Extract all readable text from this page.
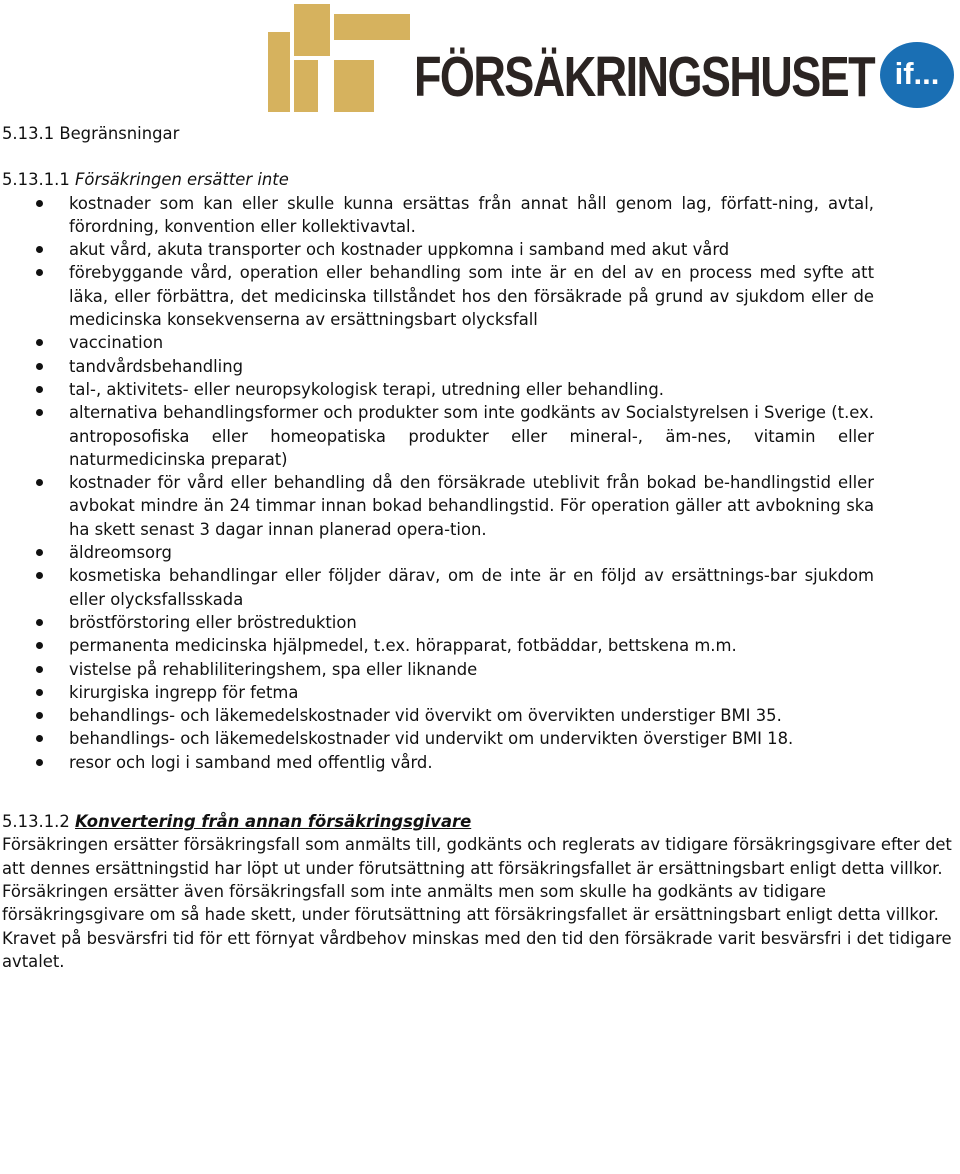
FÖRSÄKRINGSHUSET if...
5.13.1 Begränsningar
5.13.1.1 Försäkringen ersätter inte
kostnader som kan eller skulle kunna ersättas från annat håll genom lag, författ-ning, avtal, förordning, konvention eller kollektivavtal.
akut vård, akuta transporter och kostnader uppkomna i samband med akut vård
förebyggande vård, operation eller behandling som inte är en del av en process med syfte att läka, eller förbättra, det medicinska tillståndet hos den försäkrade på grund av sjukdom eller de medicinska konsekvenserna av ersättningsbart olycksfall
vaccination
tandvårdsbehandling
tal-, aktivitets- eller neuropsykologisk terapi, utredning eller behandling.
alternativa behandlingsformer och produkter som inte godkänts av Socialstyrelsen i Sverige (t.ex. antroposofiska eller homeopatiska produkter eller mineral-, äm-nes, vitamin eller naturmedicinska preparat)
kostnader för vård eller behandling då den försäkrade uteblivit från bokad be-handlingstid eller avbokat mindre än 24 timmar innan bokad behandlingstid. För operation gäller att avbokning ska ha skett senast 3 dagar innan planerad opera-tion.
äldreomsorg
kosmetiska behandlingar eller följder därav, om de inte är en följd av ersättnings-bar sjukdom eller olycksfallsskada
bröstförstoring eller bröstreduktion
permanenta medicinska hjälpmedel, t.ex. hörapparat, fotbäddar, bettskena m.m.
vistelse på rehabliliteringshem, spa eller liknande
kirurgiska ingrepp för fetma
behandlings- och läkemedelskostnader vid övervikt om övervikten understiger BMI 35.
behandlings- och läkemedelskostnader vid undervikt om undervikten överstiger BMI 18.
resor och logi i samband med offentlig vård.
5.13.1.2 Konvertering från annan försäkringsgivare

Försäkringen ersätter försäkringsfall som anmälts till, godkänts och reglerats av tidigare försäkringsgivare efter det att dennes ersättningstid har löpt ut under förutsättning att försäkringsfallet är ersättningsbart enligt detta villkor.

Försäkringen ersätter även försäkringsfall som inte anmälts men som skulle ha godkänts av tidigare försäkringsgivare om så hade skett, under förutsättning att försäkringsfallet är ersättningsbart enligt detta villkor.

Kravet på besvärsfri tid för ett förnyat vårdbehov minskas med den tid den försäkrade varit besvärsfri i det tidigare avtalet.
